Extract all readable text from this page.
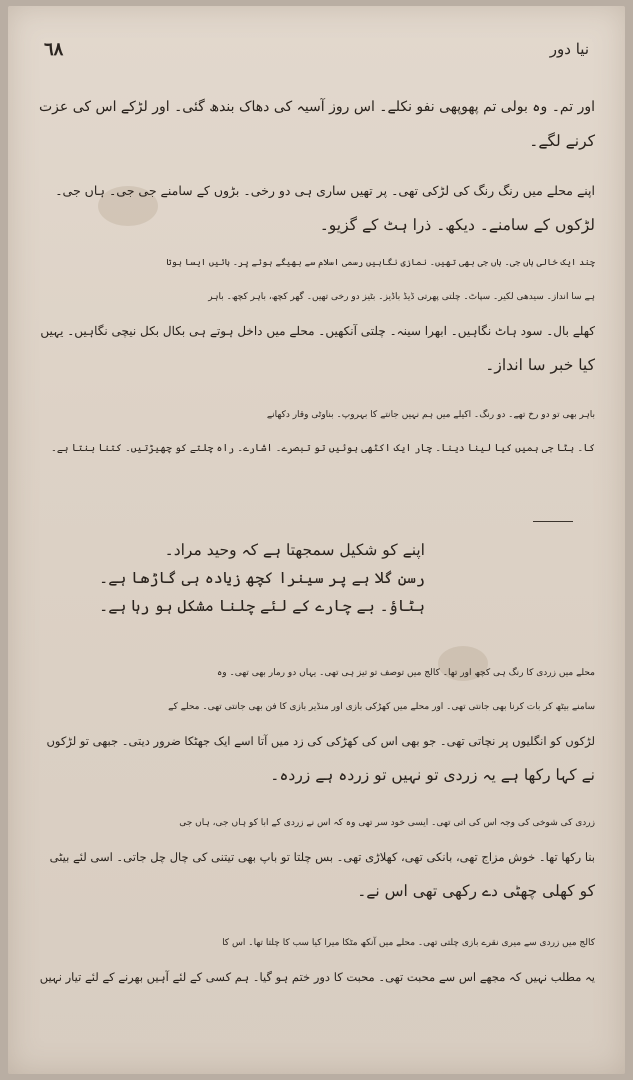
نیا دور
٦٨
اور تم۔ وہ بولی تم پھوپھی نفو نکلے۔ اس روز آسیہ کی دھاک بندھ گئی۔ اور لڑکے اس کی عزت
کرنے لگے۔
اپنے محلے میں رنگ رنگ کی لڑکی تھی۔ پر تھیں ساری ہی دو رخی۔ بڑوں کے سامنے جی جی۔ ہاں جی۔
لڑکوں کے سامنے۔ دیکھ۔ ذرا ہٹ کے گزیو۔
چند ایک خالی ہاں جی۔ ہاں جی بھی تھیں۔ نمازی نگاہیں رسمی اسلام سے بھیگے ہوئے پر۔ ہائیں ایسا ہوتا
ہے سا انداز۔ سیدھی لکیر۔ سپاٹ۔ چلتی پھرتی ڈیڈ باڈیز۔ بٹیز دو رخی تھیں۔ گھر کچھ، باہر کچھ۔ باہر
کھلے بال۔ سود ہاٹ نگاہیں۔ ابھرا سینہ۔ چلتی آنکھیں۔ محلے میں داخل ہوتے ہی بکال بکل نیچی نگاہیں۔ یہیں
کیا خبر سا انداز۔
باہر بھی تو دو رخ تھے۔ دو رنگ۔ اکیلے میں ہم نہیں جانتے کا بہروپ۔ بناوٹی وقار دکھانے
کا۔ ہٹا جی ہمیں کیا لینا دینا۔ چار ایک اکٹھی ہوئیں تو تبصرے۔ اشارے۔ راہ چلتے کو چھیڑتیں۔ کتنا بنتا ہے۔
اپنے کو شکیل سمجھتا ہے کہ وحید مراد۔
رسن گلا ہے پر سینرا کچھ زیادہ ہی گاڑھا ہے۔
ہٹاؤ۔ بے چارے کے لئے چلنا مشکل ہو رہا ہے۔
محلے میں زردی کا رنگ ہی کچھ اور تھا۔ کالج میں توصف تو تیز ہی تھی۔ یہاں دو رمار بھی تھی۔ وہ
سامنے بیٹھ کر بات کرنا بھی جانتی تھی۔ اور محلے میں کھڑکی بازی اور منڈیر بازی کا فن بھی جانتی تھی۔ محلے کے
لڑکوں کو انگلیوں پر نچاتی تھی۔ جو بھی اس کی کھڑکی کی زد میں آتا اسے ایک جھٹکا ضرور دیتی۔ جبھی تو لڑکوں
نے کہا رکھا ہے یہ زردی تو نہیں تو زردہ ہے زردہ۔
زردی کی شوخی کی وجہ اس کی اتی تھی۔ ایسی خود سر تھی وہ کہ اس نے زردی کے ابا کو ہاں جی، ہاں جی
بنا رکھا تھا۔ خوش مزاج تھی، بانکی تھی، کھلاڑی تھی۔ بس چلتا تو باپ بھی تیتنی کی چال چل جاتی۔ اسی لئے بیٹی
کو کھلی چھٹی دے رکھی تھی اس نے۔
کالج میں زردی سے میری نقرے بازی چلتی تھی۔ محلے میں آنکھ مٹکا میرا کیا سب کا چلتا تھا۔ اس کا
یہ مطلب نہیں کہ مجھے اس سے محبت تھی۔ محبت کا دور ختم ہو گیا۔ ہم کسی کے لئے آہیں بھرنے کے لئے تیار نہیں
